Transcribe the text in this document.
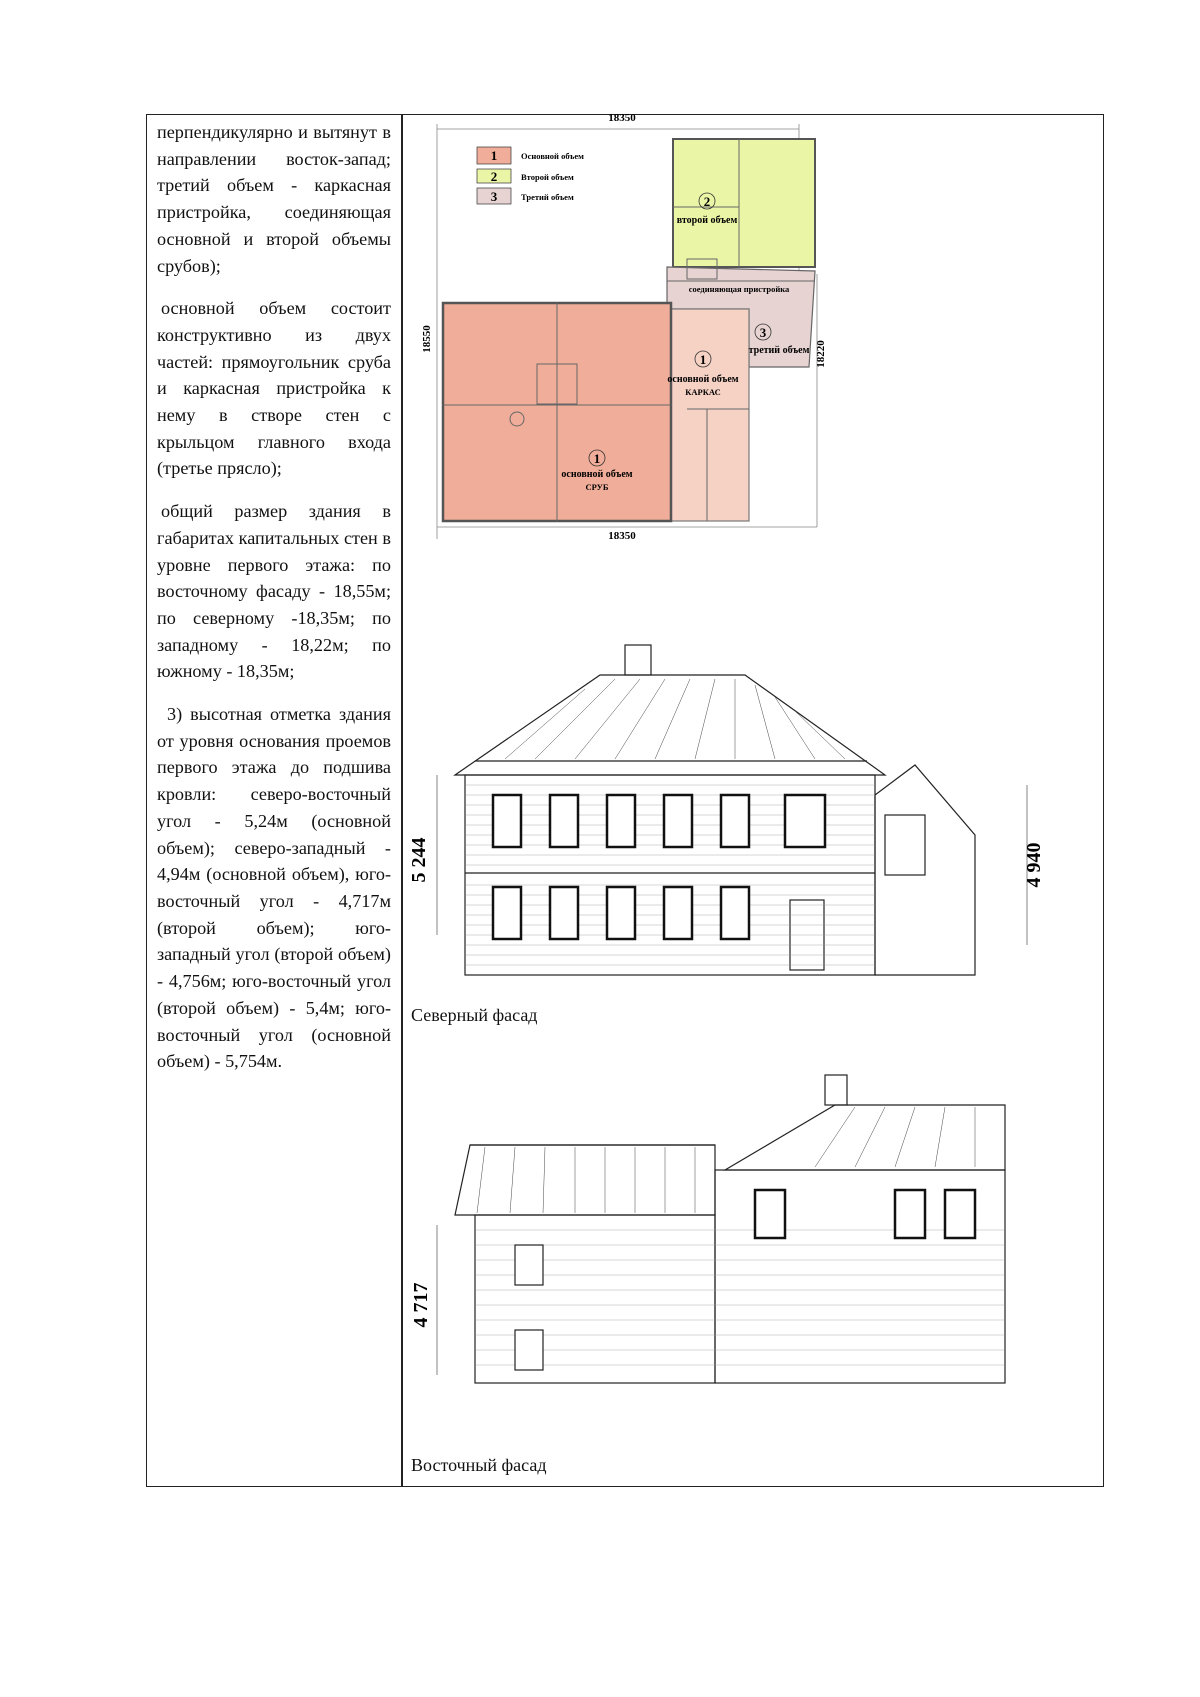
перпендикулярно и вытянут в направлении восток-запад; третий объем - каркасная пристройка, соединяющая основной и второй объемы срубов);

основной объем состоит конструктивно из двух частей: прямоугольник сруба и каркасная пристройка к нему в створе стен с крыльцом главного входа (третье прясло);

общий размер здания в габаритах капитальных стен в уровне первого этажа: по восточному фасаду - 18,55м; по северному -18,35м; по западному - 18,22м; по южному - 18,35м;

3) высотная отметка здания от уровня основания проемов первого этажа до подшива кровли: северо-восточный угол - 5,24м (основной объем); северо-западный - 4,94м (основной объем), юго-восточный угол - 4,717м (второй объем); юго-западный угол (второй объем) - 4,756м; юго-восточный угол (второй объем) - 5,4м; юго-восточный угол (основной объем) - 5,754м.

18350
18350
18550
18220
1	Основной объем
2	Второй объем
3	Третий объем	2
второй объем
соединяющая пристройка
3
третий объем
1
основной объем
КАРКАС
1
основной объем
СРУБ
5 244	4 940
Северный фасад
4 717
Восточный фасад
